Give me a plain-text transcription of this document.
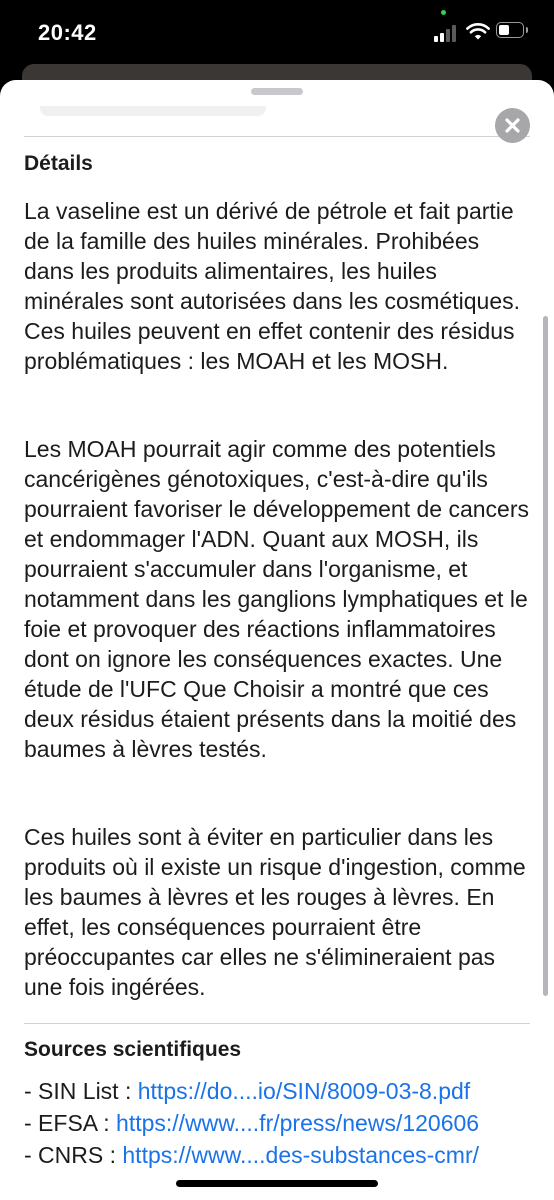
20:42
Détails

La vaseline est un dérivé de pétrole et fait partie de la famille des huiles minérales. Prohibées dans les produits alimentaires, les huiles minérales sont autorisées dans les cosmétiques. Ces huiles peuvent en effet contenir des résidus problématiques : les MOAH et les MOSH.

Les MOAH pourrait agir comme des potentiels cancérigènes génotoxiques, c'est-à-dire qu'ils pourraient favoriser le développement de cancers et endommager l'ADN. Quant aux MOSH, ils pourraient s'accumuler dans l'organisme, et notamment dans les ganglions lymphatiques et le foie et provoquer des réactions inflammatoires dont on ignore les conséquences exactes. Une étude de l'UFC Que Choisir a montré que ces deux résidus étaient présents dans la moitié des baumes à lèvres testés.

Ces huiles sont à éviter en particulier dans les produits où il existe un risque d'ingestion, comme les baumes à lèvres et les rouges à lèvres. En effet, les conséquences pourraient être préoccupantes car elles ne s'élimineraient pas une fois ingérées.

Sources scientifiques
- SIN List : https://do....io/SIN/8009-03-8.pdf
- EFSA : https://www....fr/press/news/120606
- CNRS : https://www....des-substances-cmr/
